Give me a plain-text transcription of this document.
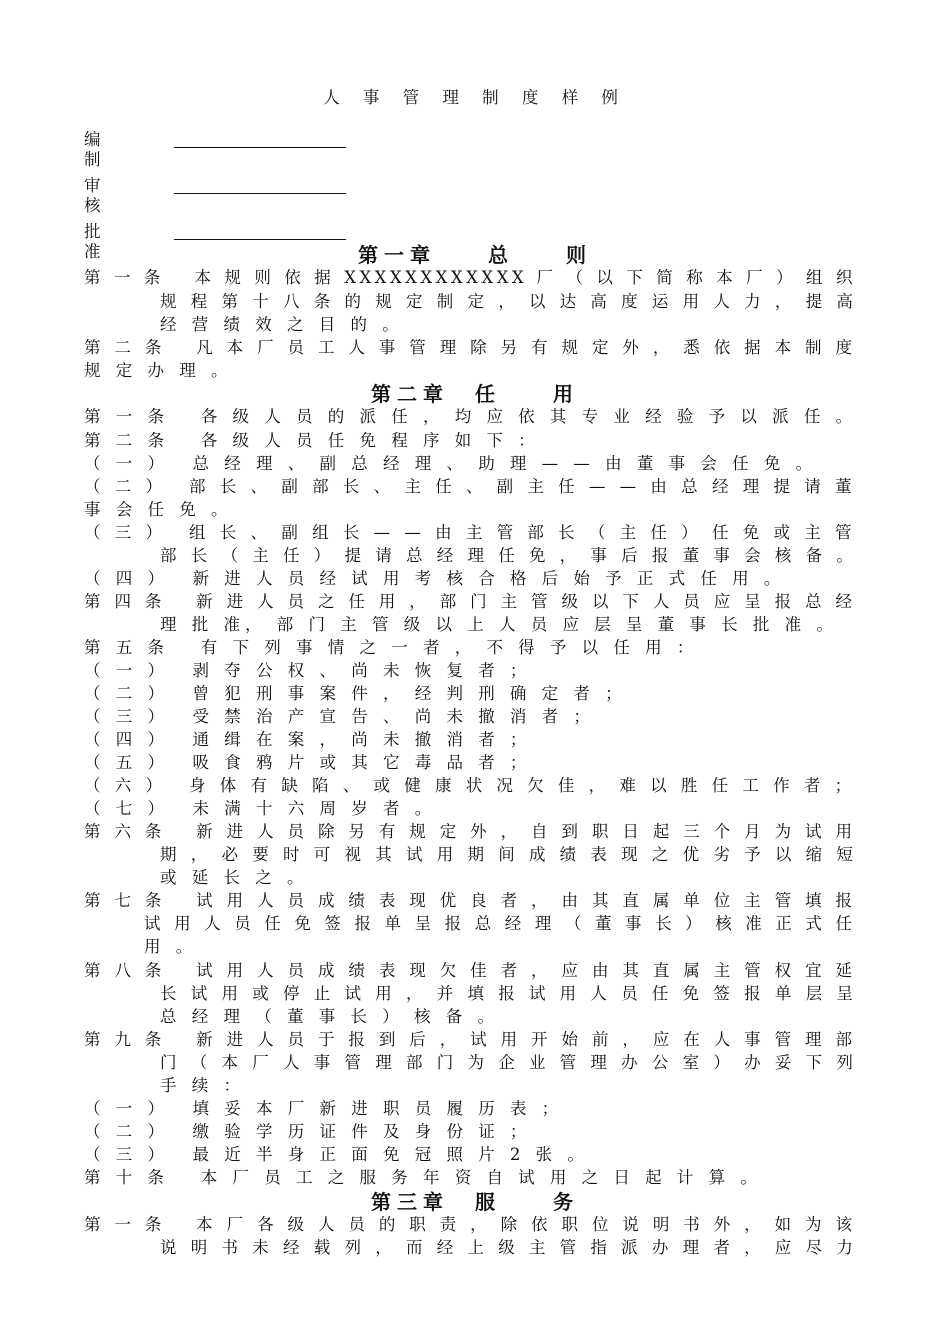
人 事 管 理 制 度 样 例
编 制
审 核
批 准	第一章　　总　　则
第 一 条　 本 规 则 依 据 XXXXXXXXXXXX 厂 （ 以 下 简 称 本 厂 ） 组 织
规 程 第 十 八 条 的 规 定 制 定 ， 以 达 高 度 运 用 人 力 ， 提 高
经 营 绩 效 之 目 的 。
第 二 条　 凡 本 厂 员 工 人 事 管 理 除 另 有 规 定 外 ， 悉 依 据 本 制 度
规 定 办 理 。
第二章　任　　用
第 一 条　 各 级 人 员 的 派 任 ， 均 应 依 其 专 业 经 验 予 以 派 任 。
第 二 条　 各 级 人 员 任 免 程 序 如 下 ：
（ 一 ）　 总 经 理 、 副 总 经 理 、 助 理 — — 由 董 事 会 任 免 。
（ 二 ）　 部 长 、 副 部 长 、 主 任 、 副 主 任 — — 由 总 经 理 提 请 董
事 会 任 免 。
（ 三 ）　 组 长 、 副 组 长 — — 由 主 管 部 长 （ 主 任 ） 任 免 或 主 管
部 长 （ 主 任 ） 提 请 总 经 理 任 免 ， 事 后 报 董 事 会 核 备 。
（ 四 ）　 新 进 人 员 经 试 用 考 核 合 格 后 始 予 正 式 任 用 。
第 四 条　 新 进 人 员 之 任 用 ， 部 门 主 管 级 以 下 人 员 应 呈 报 总 经
理 批 准， 部 门 主 管 级 以 上 人 员 应 层 呈 董 事 长 批 准 。
第 五 条　 有 下 列 事 情 之 一 者 ， 不 得 予 以 任 用 ：
（ 一 ）　 剥 夺 公 权 、 尚 未 恢 复 者 ；
（ 二 ）　 曾 犯 刑 事 案 件 ， 经 判 刑 确 定 者 ；
（ 三 ）　 受 禁 治 产 宣 告 、 尚 未 撤 消 者 ；
（ 四 ）　 通 缉 在 案 ， 尚 未 撤 消 者 ；
（ 五 ）　 吸 食 鸦 片 或 其 它 毒 品 者 ；
（ 六 ）　 身 体 有 缺 陷 、 或 健 康 状 况 欠 佳 ， 难 以 胜 任 工 作 者 ；
（ 七 ）　 未 满 十 六 周 岁 者 。
第 六 条　 新 进 人 员 除 另 有 规 定 外 ， 自 到 职 日 起 三 个 月 为 试 用
期 ， 必 要 时 可 视 其 试 用 期 间 成 绩 表 现 之 优 劣 予 以 缩 短
或 延 长 之 。
第 七 条　 试 用 人 员 成 绩 表 现 优 良 者 ， 由 其 直 属 单 位 主 管 填 报
试 用 人 员 任 免 签 报 单 呈 报 总 经 理 （ 董 事 长 ） 核 准 正 式 任
用 。
第 八 条　 试 用 人 员 成 绩 表 现 欠 佳 者 ， 应 由 其 直 属 主 管 权 宜 延
长 试 用 或 停 止 试 用 ， 并 填 报 试 用 人 员 任 免 签 报 单 层 呈
总 经 理 （ 董 事 长 ） 核 备 。
第 九 条　 新 进 人 员 于 报 到 后 ， 试 用 开 始 前 ， 应 在 人 事 管 理 部
门 （ 本 厂 人 事 管 理 部 门 为 企 业 管 理 办 公 室 ） 办 妥 下 列
手 续 ：
（ 一 ）　 填 妥 本 厂 新 进 职 员 履 历 表 ；
（ 二 ）　 缴 验 学 历 证 件 及 身 份 证 ；
（ 三 ）　 最 近 半 身 正 面 免 冠 照 片 2 张 。
第 十 条　 本 厂 员 工 之 服 务 年 资 自 试 用 之 日 起 计 算 。
第三章　服　　务
第 一 条　 本 厂 各 级 人 员 的 职 责 ， 除 依 职 位 说 明 书 外 ， 如 为 该
说 明 书 未 经 载 列 ， 而 经 上 级 主 管 指 派 办 理 者 ， 应 尽 力
